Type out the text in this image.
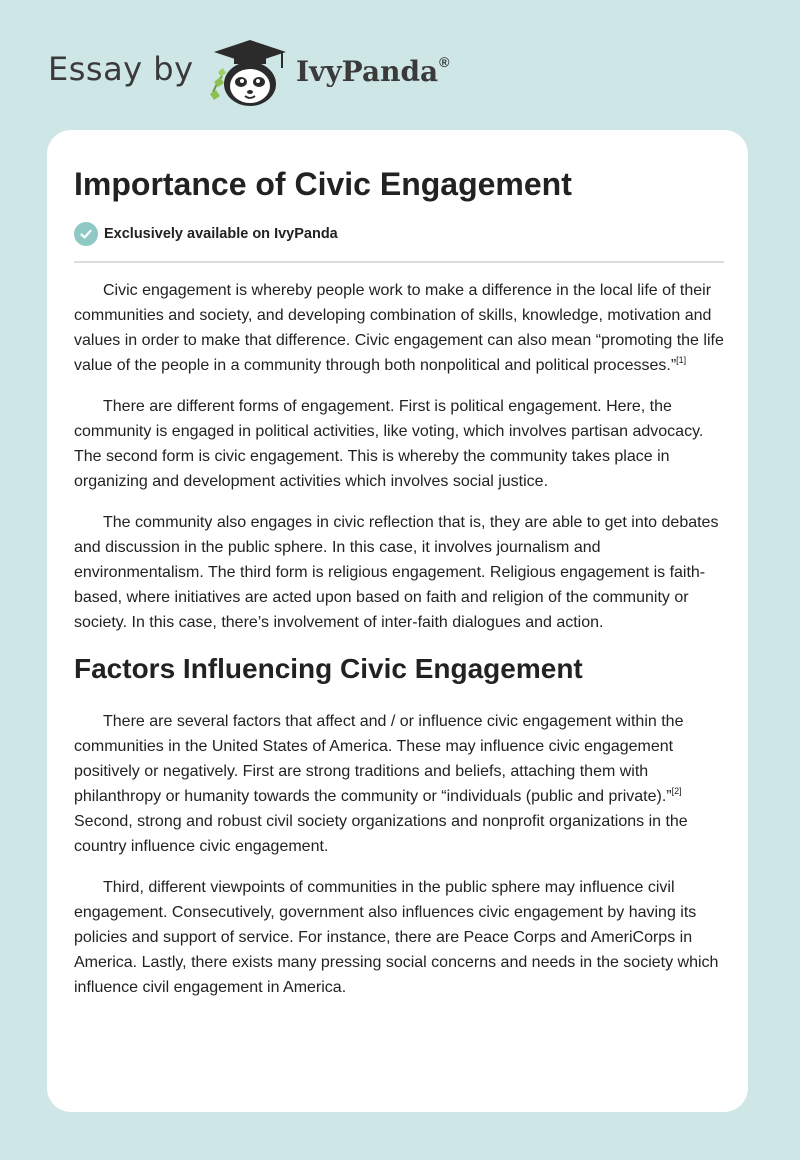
Essay by	IvyPanda®
Importance of Civic Engagement
Exclusively available on IvyPanda

Civic engagement is whereby people work to make a difference in the local life of their communities and society, and developing combination of skills, knowledge, motivation and values in order to make that difference. Civic engagement can also mean “promoting the life value of the people in a community through both nonpolitical and political processes.”[1]

There are different forms of engagement. First is political engagement. Here, the community is engaged in political activities, like voting, which involves partisan advocacy. The second form is civic engagement. This is whereby the community takes place in organizing and development activities which involves social justice.

The community also engages in civic reflection that is, they are able to get into debates and discussion in the public sphere. In this case, it involves journalism and environmentalism. The third form is religious engagement. Religious engagement is faith-based, where initiatives are acted upon based on faith and religion of the community or society. In this case, there’s involvement of inter-faith dialogues and action.

Factors Influencing Civic Engagement

There are several factors that affect and / or influence civic engagement within the communities in the United States of America. These may influence civic engagement positively or negatively. First are strong traditions and beliefs, attaching them with philanthropy or humanity towards the community or “individuals (public and private).”[2] Second, strong and robust civil society organizations and nonprofit organizations in the country influence civic engagement.

Third, different viewpoints of communities in the public sphere may influence civil engagement. Consecutively, government also influences civic engagement by having its policies and support of service. For instance, there are Peace Corps and AmeriCorps in America. Lastly, there exists many pressing social concerns and needs in the society which influence civil engagement in America.
